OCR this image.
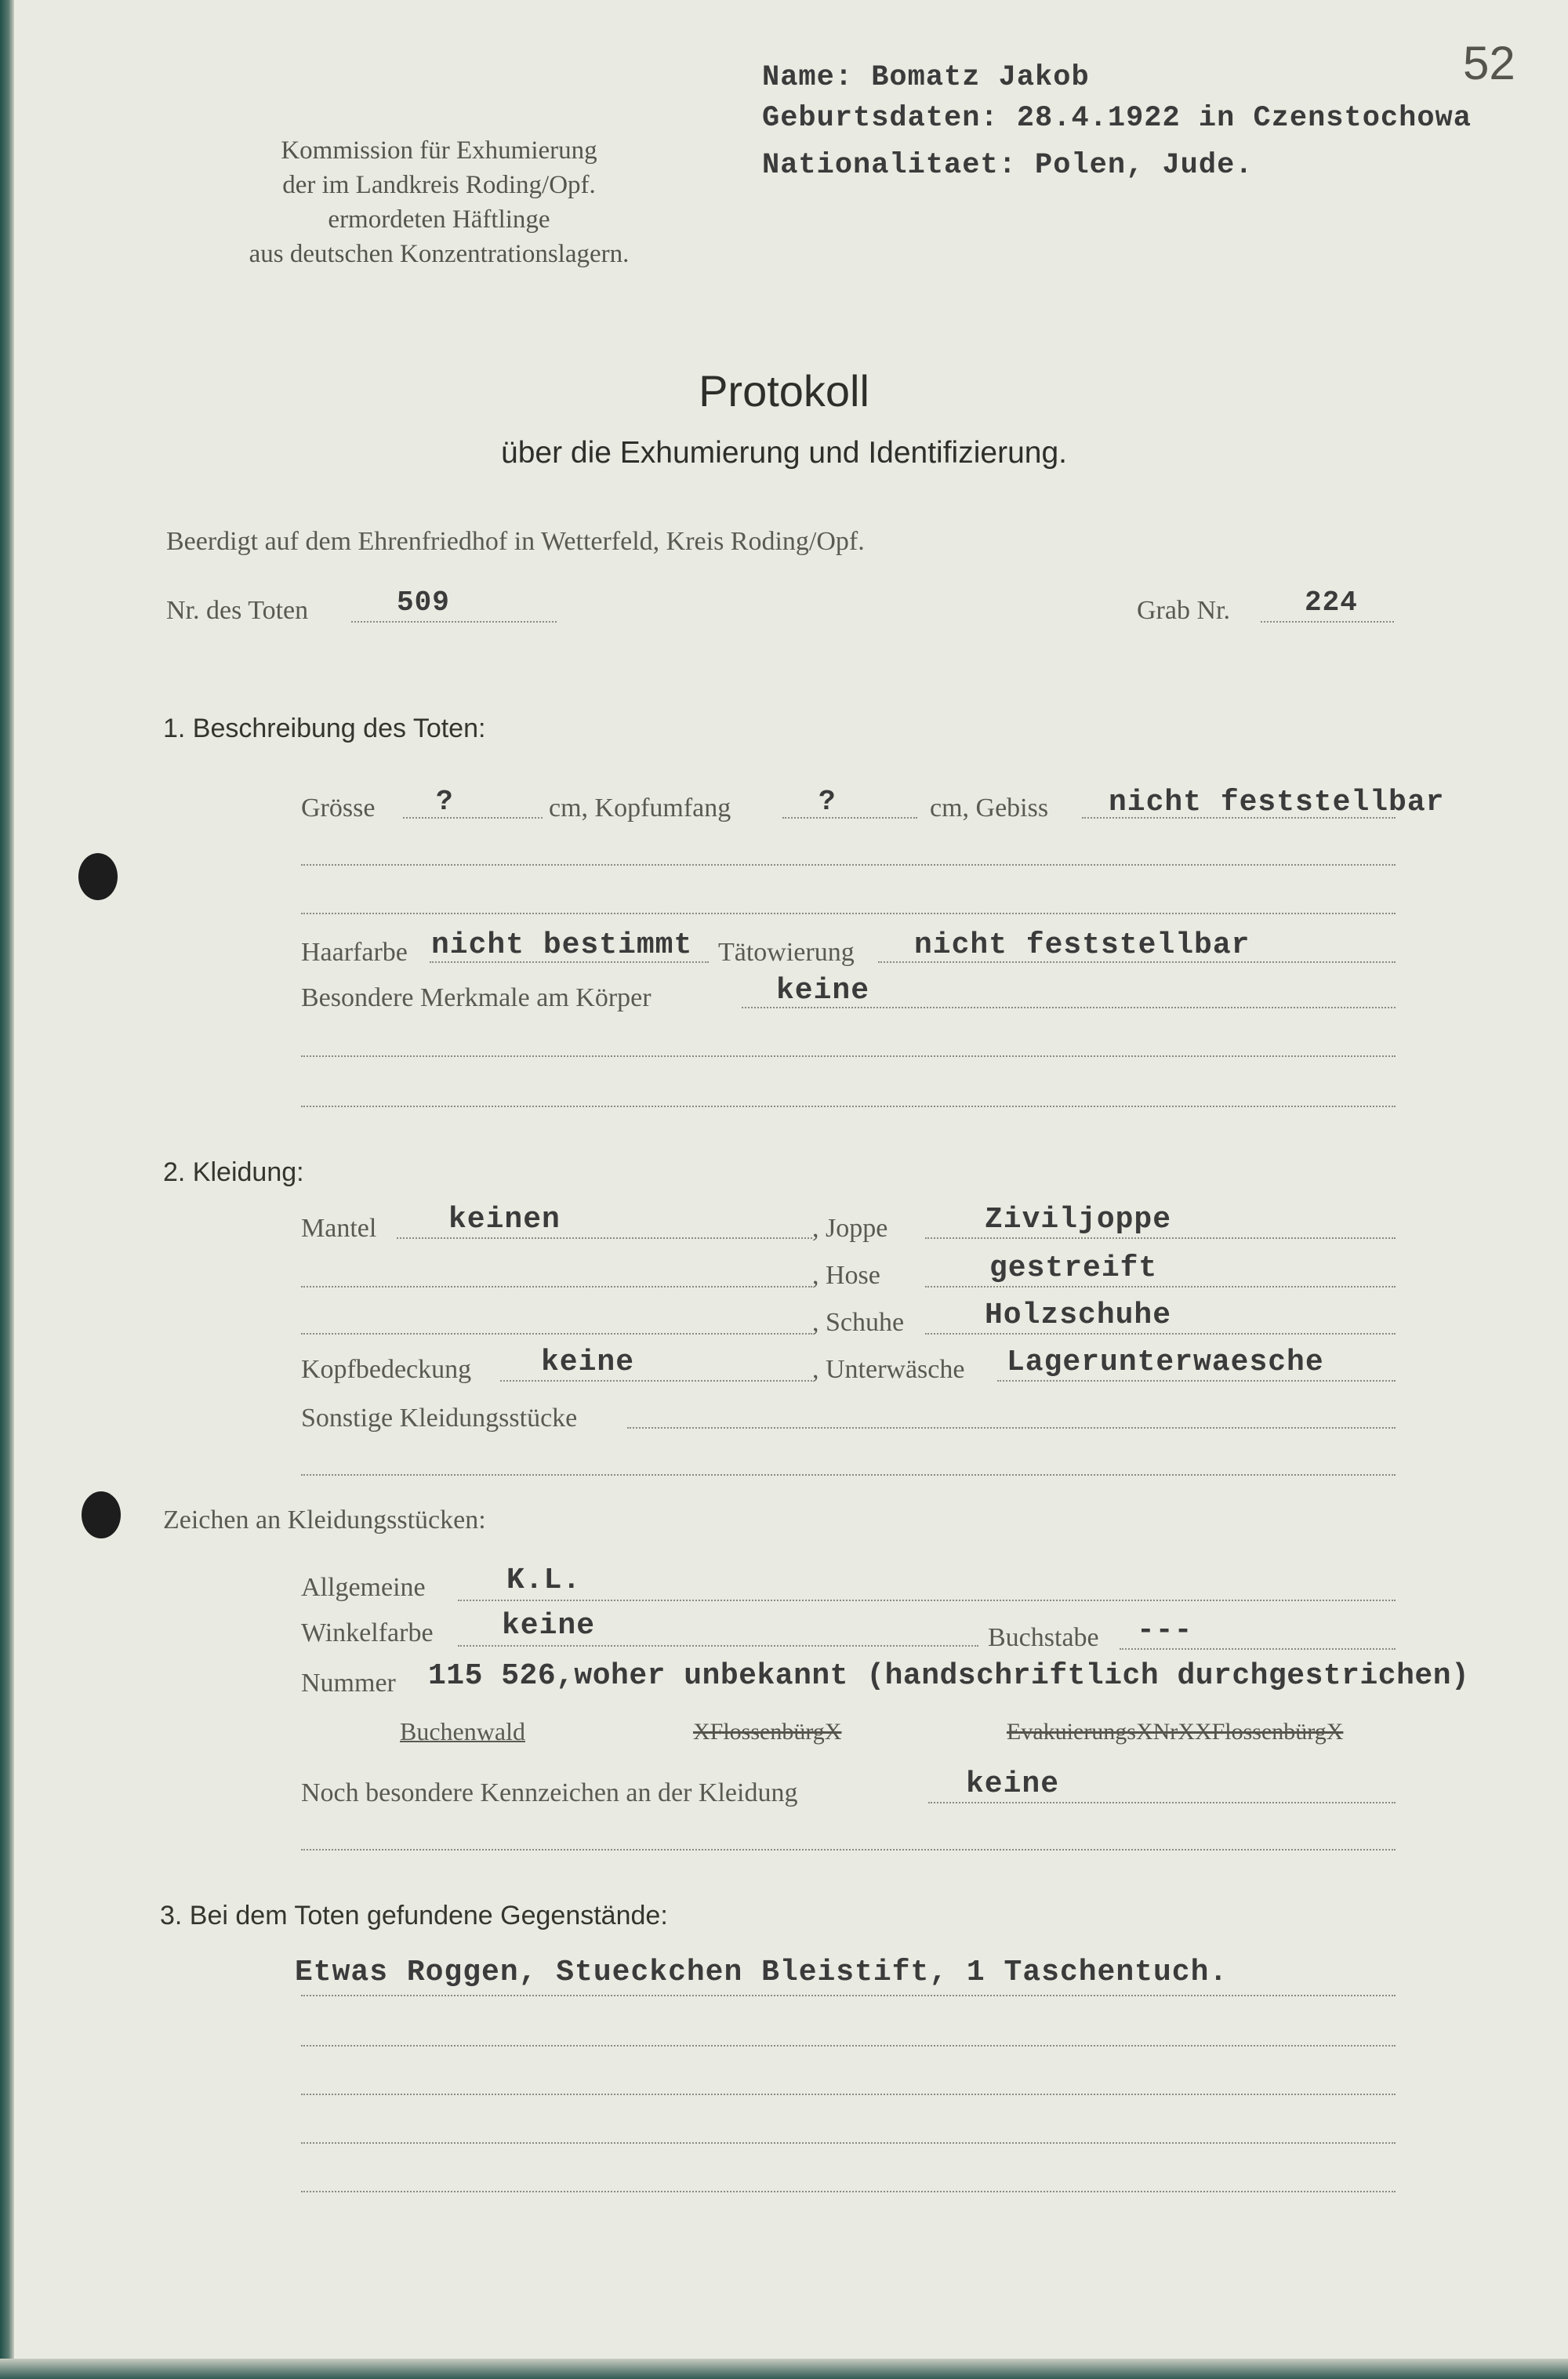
Kommission für Exhumierung
der im Landkreis Roding/Opf.
ermordeten Häftlinge
aus deutschen Konzentrationslagern.
Name: Bomatz Jakob
Geburtsdaten: 28.4.1922 in Czenstochowa
Nationalitaet: Polen, Jude.
52
Protokoll
über die Exhumierung und Identifizierung.
Beerdigt auf dem Ehrenfriedhof in Wetterfeld, Kreis Roding/Opf.
Nr. des Toten	509	Grab Nr.	224
1. Beschreibung des Toten:
Grösse ?	cm, Kopfumfang	?	cm, Gebiss nicht feststellbar
Haarfarbe nicht bestimmt Tätowierung nicht feststellbar
Besondere Merkmale am Körper	keine
2. Kleidung:
Mantel keinen	, Joppe	Ziviljoppe
, Hose	gestreift
, Schuhe	Holzschuhe
Kopfbedeckung keine	, Unterwäsche Lagerunterwaesche
Sonstige Kleidungsstücke
Zeichen an Kleidungsstücken:
Allgemeine	K.L.
Winkelfarbe keine	Buchstabe ---
Nummer 115 526,woher unbekannt (handschriftlich durchgestrichen)
Buchenwald	XFlossenbürgX	EvakuierungsXNrXXFlossenbürgX
Noch besondere Kennzeichen an der Kleidung	keine
3. Bei dem Toten gefundene Gegenstände:
Etwas Roggen, Stueckchen Bleistift, 1 Taschentuch.
